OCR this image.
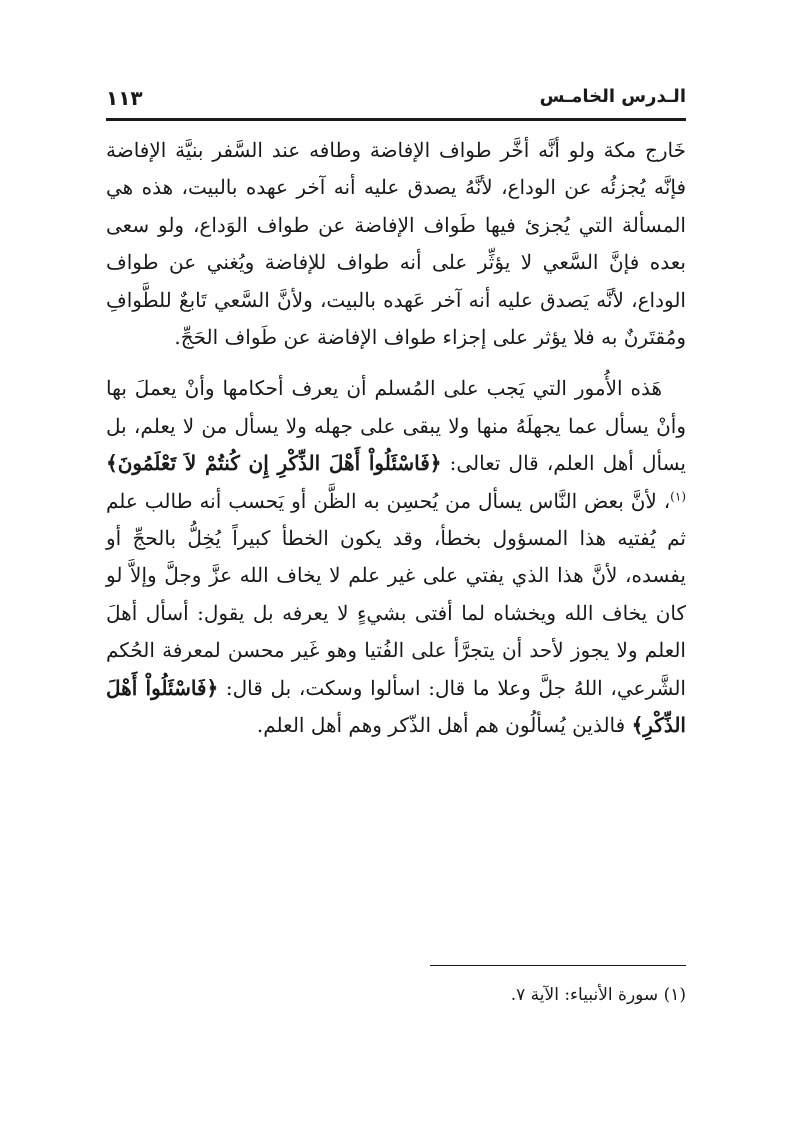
الـدرس الخامـس
١١٣

خَارج مكة ولو أنَّه أخَّر طواف الإفاضة وطافه عند السَّفر بنيَّة الإفاضة فإنَّه يُجزئُه عن الوداع، لأنَّهُ يصدق عليه أنه آخر عهده بالبيت، هذه هي المسألة التي يُجزئ فيها طَواف الإفاضة عن طواف الوَداع، ولو سعى بعده فإنَّ السَّعي لا يؤثِّر على أنه طواف للإفاضة ويُغني عن طواف الوداع، لأنَّه يَصدق عليه أنه آخر عَهده بالبيت، ولأنَّ السَّعي تَابعٌ للطَّوافِ ومُقتَرنٌ به فلا يؤثر على إجزاء طواف الإفاضة عن طَواف الحَجِّ.

هَذه الأُمور التي يَجب على المُسلم أن يعرف أحكامها وأنْ يعملَ بها وأنْ يسأل عما يجهلَهُ منها ولا يبقى على جهله ولا يسأل من لا يعلم، بل يسأل أهل العلم، قال تعالى: ﴿فَاسْئَلُواْ أَهْلَ الذِّكْرِ إِن كُنتُمْ لاَ تَعْلَمُونَ﴾$^{(١)}$، لأنَّ بعض النَّاس يسأل من يُحسِن به الظَّن أو يَحسب أنه طالب علم ثم يُفتيه هذا المسؤول بخطأ، وقد يكون الخطأ كبيراً يُخِلُّ بالحجِّ أو يفسده، لأنَّ هذا الذي يفتي على غير علم لا يخاف الله عزَّ وجلَّ وإلاَّ لو كان يخاف الله ويخشاه لما أفتى بشيءٍ لا يعرفه بل يقول: أسأل أهلَ العلم ولا يجوز لأحد أن يتجرَّأ على الفُتيا وهو غَير محسن لمعرفة الحُكم الشَّرعي، اللهُ جلَّ وعلا ما قال: اسألوا وسكت، بل قال: ﴿فَاسْئَلُواْ أَهْلَ الذِّكْرِ﴾ فالذين يُسألُون هم أهل الذّكر وهم أهل العلم.

(١) سورة الأنبياء: الآية ٧.
